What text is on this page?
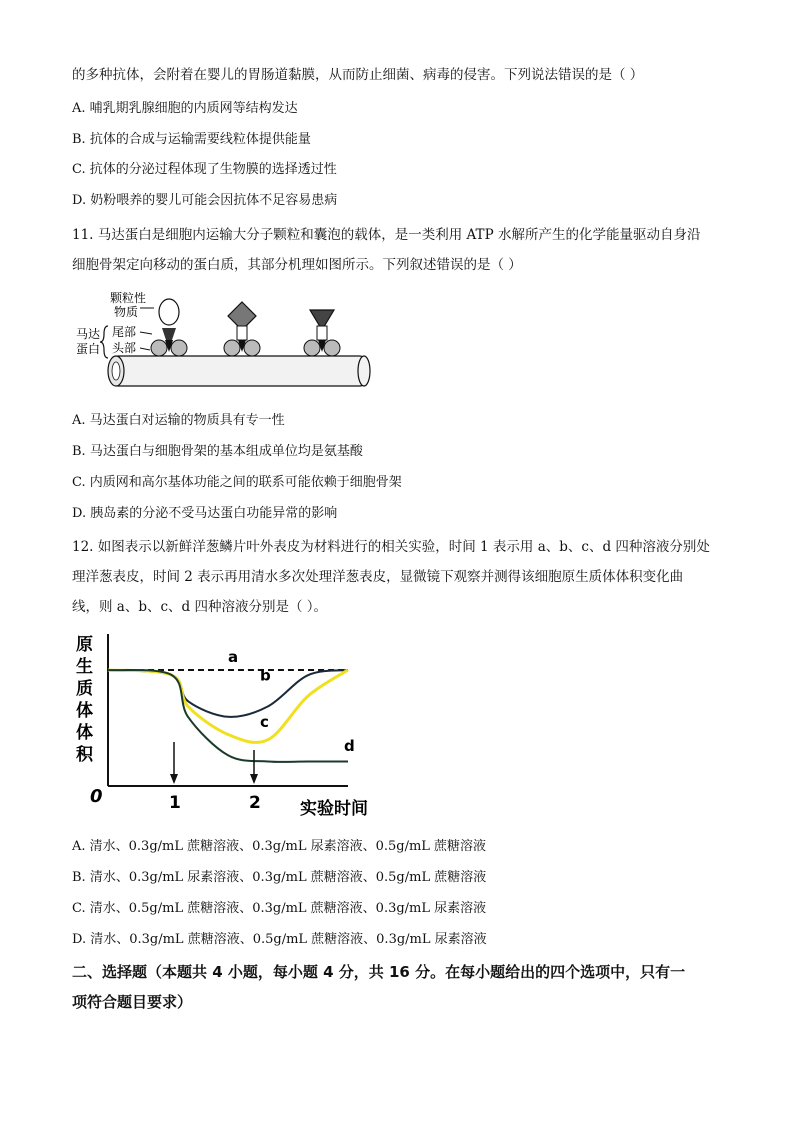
的多种抗体，会附着在婴儿的胃肠道黏膜，从而防止细菌、病毒的侵害。下列说法错误的是（ ）
A. 哺乳期乳腺细胞的内质网等结构发达
B. 抗体的合成与运输需要线粒体提供能量
C. 抗体的分泌过程体现了生物膜的选择透过性
D. 奶粉喂养的婴儿可能会因抗体不足容易患病
11. 马达蛋白是细胞内运输大分子颗粒和囊泡的载体，是一类利用 ATP 水解所产生的化学能量驱动自身沿
细胞骨架定向移动的蛋白质，其部分机理如图所示。下列叙述错误的是（ ）
颗粒性
物质
马达
蛋白
尾部
头部
A. 马达蛋白对运输的物质具有专一性
B. 马达蛋白与细胞骨架的基本组成单位均是氨基酸
C. 内质网和高尔基体功能之间的联系可能依赖于细胞骨架
D. 胰岛素的分泌不受马达蛋白功能异常的影响
12. 如图表示以新鲜洋葱鳞片叶外表皮为材料进行的相关实验，时间 1 表示用 a、b、c、d 四种溶液分别处
理洋葱表皮，时间 2 表示再用清水多次处理洋葱表皮，显微镜下观察并测得该细胞原生质体体积变化曲
线，则 a、b、c、d 四种溶液分别是（ ）。
原
生
质
体
体
积
0
a
b
c
d
1	2 实验时间
A. 清水、0.3g/mL 蔗糖溶液、0.3g/mL 尿素溶液、0.5g/mL 蔗糖溶液
B. 清水、0.3g/mL 尿素溶液、0.3g/mL 蔗糖溶液、0.5g/mL 蔗糖溶液
C. 清水、0.5g/mL 蔗糖溶液、0.3g/mL 蔗糖溶液、0.3g/mL 尿素溶液
D. 清水、0.3g/mL 蔗糖溶液、0.5g/mL 蔗糖溶液、0.3g/mL 尿素溶液
二、选择题（本题共 4 小题，每小题 4 分，共 16 分。在每小题给出的四个选项中，只有一
项符合题目要求）
